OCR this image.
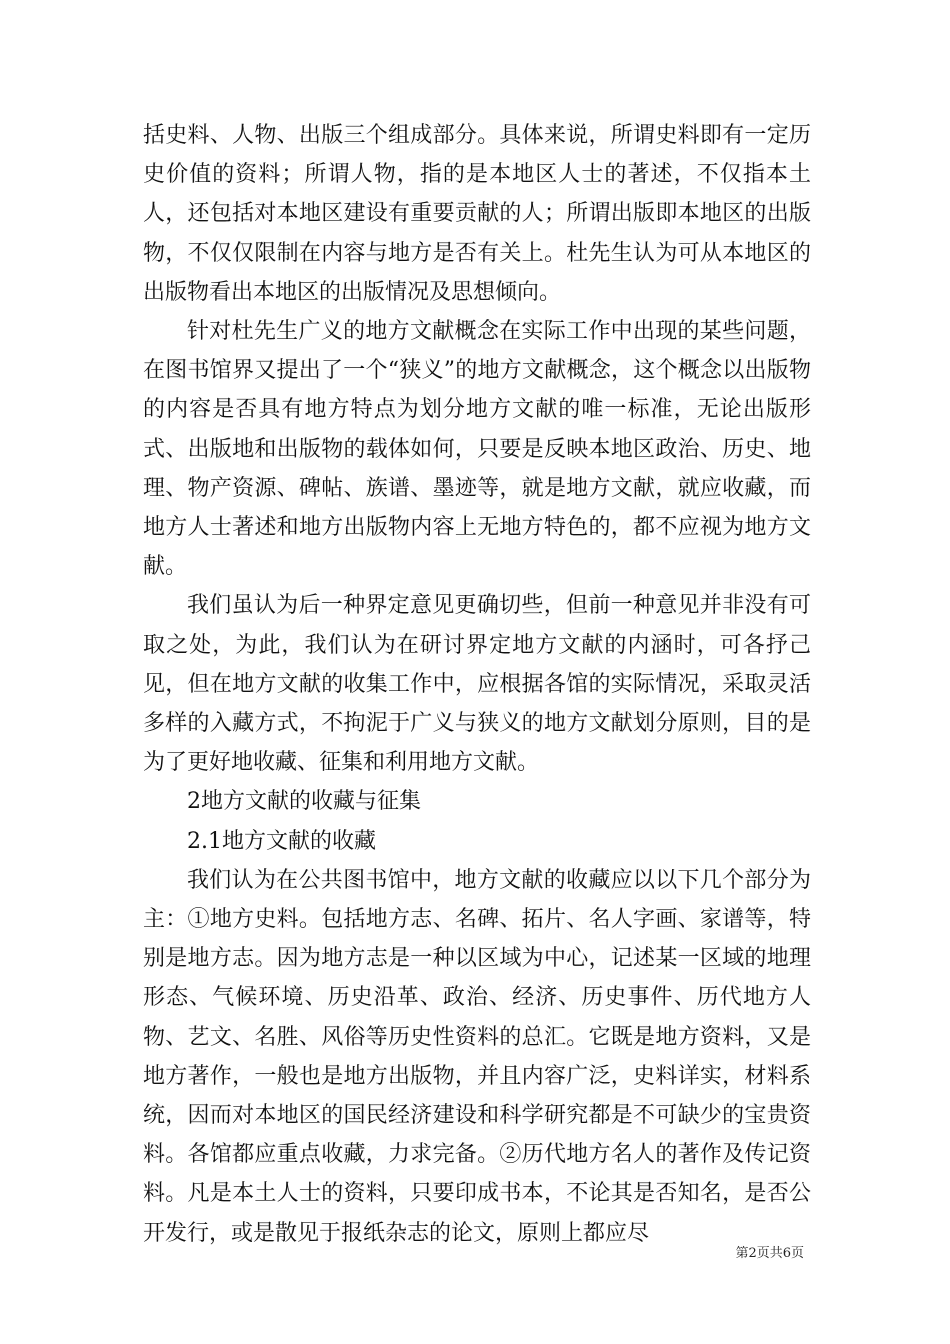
括史料、人物、出版三个组成部分。具体来说，所谓史料即有一定历史价值的资料；所谓人物，指的是本地区人士的著述，不仅指本土人，还包括对本地区建设有重要贡献的人；所谓出版即本地区的出版物，不仅仅限制在内容与地方是否有关上。杜先生认为可从本地区的出版物看出本地区的出版情况及思想倾向。

针对杜先生广义的地方文献概念在实际工作中出现的某些问题，在图书馆界又提出了一个“狭义”的地方文献概念，这个概念以出版物的内容是否具有地方特点为划分地方文献的唯一标准，无论出版形式、出版地和出版物的载体如何，只要是反映本地区政治、历史、地理、物产资源、碑帖、族谱、墨迹等，就是地方文献，就应收藏，而地方人士著述和地方出版物内容上无地方特色的，都不应视为地方文献。

我们虽认为后一种界定意见更确切些，但前一种意见并非没有可取之处，为此，我们认为在研讨界定地方文献的内涵时，可各抒己见，但在地方文献的收集工作中，应根据各馆的实际情况，采取灵活多样的入藏方式，不拘泥于广义与狭义的地方文献划分原则，目的是为了更好地收藏、征集和利用地方文献。

2地方文献的收藏与征集

2.1地方文献的收藏

我们认为在公共图书馆中，地方文献的收藏应以以下几个部分为主：①地方史料。包括地方志、名碑、拓片、名人字画、家谱等，特别是地方志。因为地方志是一种以区域为中心，记述某一区域的地理形态、气候环境、历史沿革、政治、经济、历史事件、历代地方人物、艺文、名胜、风俗等历史性资料的总汇。它既是地方资料，又是地方著作，一般也是地方出版物，并且内容广泛，史料详实，材料系统，因而对本地区的国民经济建设和科学研究都是不可缺少的宝贵资料。各馆都应重点收藏，力求完备。②历代地方名人的著作及传记资料。凡是本土人士的资料，只要印成书本，不论其是否知名，是否公开发行，或是散见于报纸杂志的论文，原则上都应尽

第2页共6页
